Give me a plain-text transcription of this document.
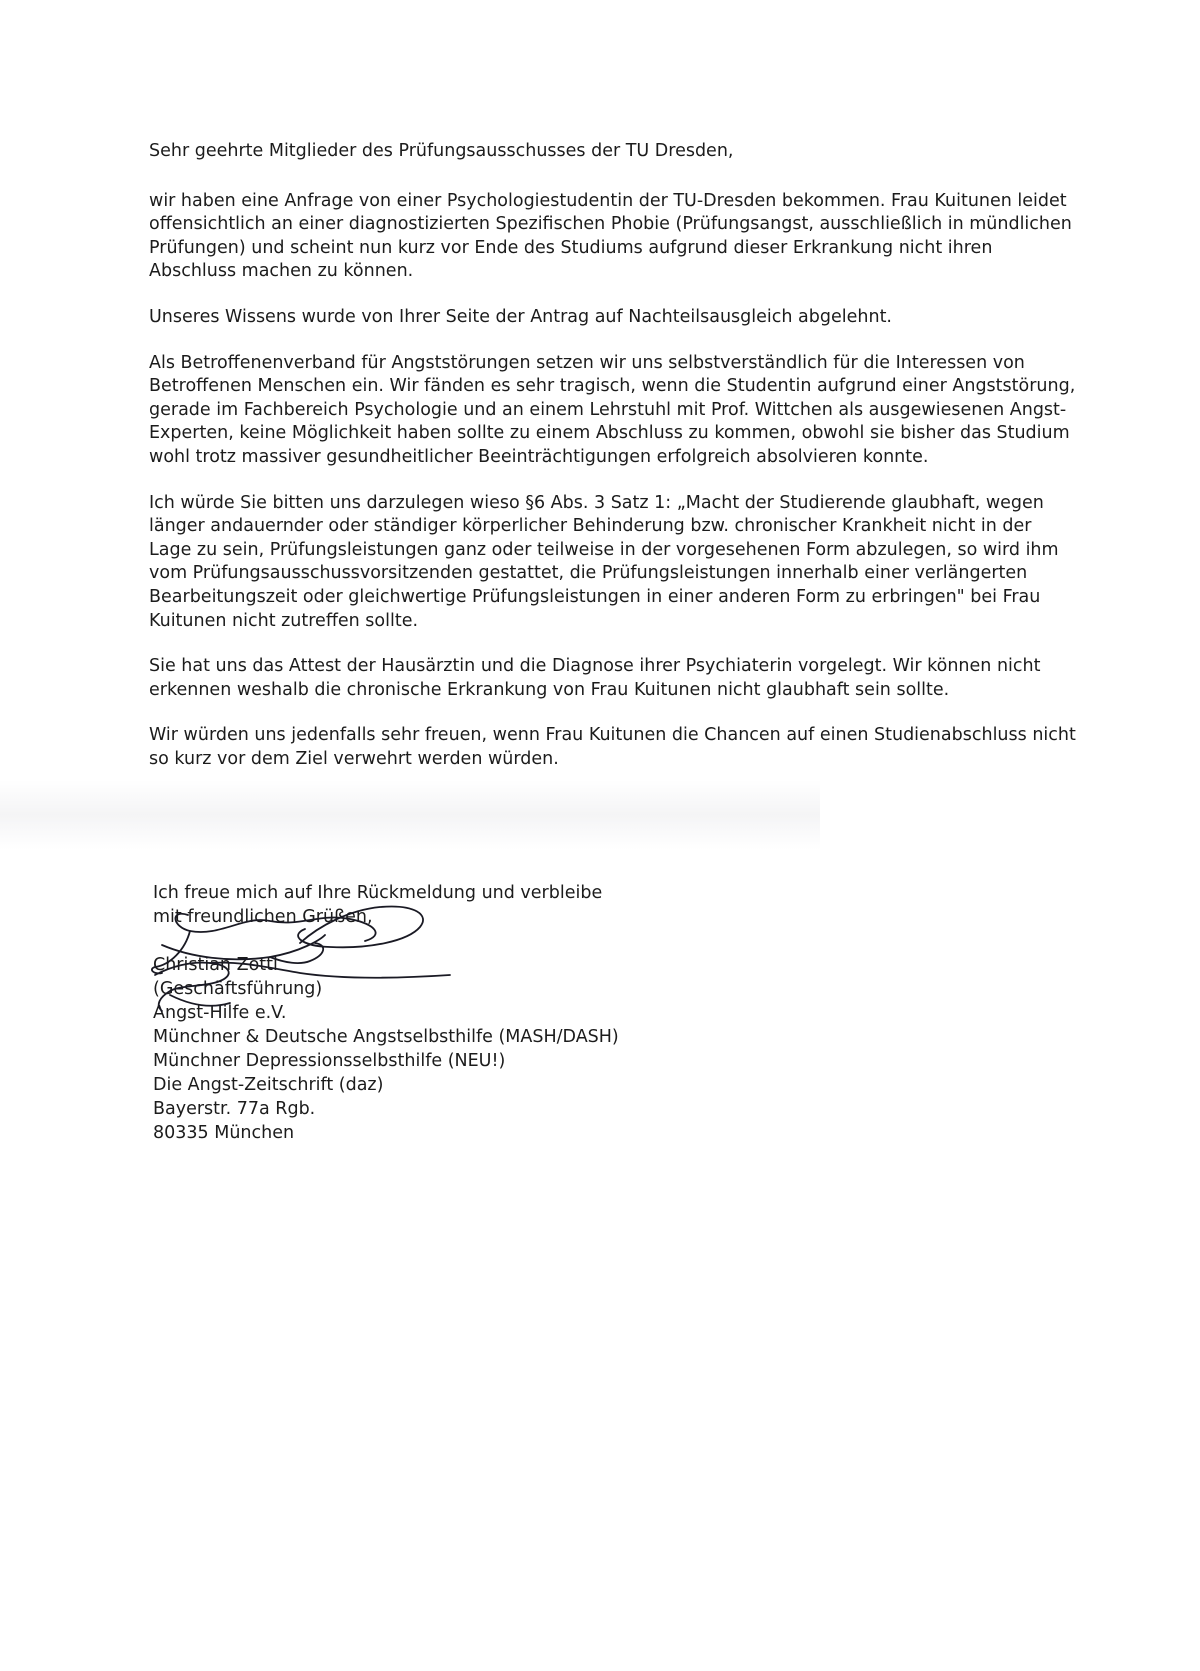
Sehr geehrte Mitglieder des Prüfungsausschusses der TU Dresden,

wir haben eine Anfrage von einer Psychologiestudentin der TU-Dresden bekommen. Frau Kuitunen leidet offensichtlich an einer diagnostizierten Spezifischen Phobie (Prüfungsangst, ausschließlich in mündlichen Prüfungen) und scheint nun kurz vor Ende des Studiums aufgrund dieser Erkrankung nicht ihren Abschluss machen zu können.

Unseres Wissens wurde von Ihrer Seite der Antrag auf Nachteilsausgleich abgelehnt.

Als Betroffenenverband für Angststörungen setzen wir uns selbstverständlich für die Interessen von Betroffenen Menschen ein. Wir fänden es sehr tragisch, wenn die Studentin aufgrund einer Angststörung, gerade im Fachbereich Psychologie und an einem Lehrstuhl mit Prof. Wittchen als ausgewiesenen Angst-Experten, keine Möglichkeit haben sollte zu einem Abschluss zu kommen, obwohl sie bisher das Studium wohl trotz massiver gesundheitlicher Beeinträchtigungen erfolgreich absolvieren konnte.

Ich würde Sie bitten uns darzulegen wieso §6 Abs. 3 Satz 1: „Macht der Studierende glaubhaft, wegen länger andauernder oder ständiger körperlicher Behinderung bzw. chronischer Krankheit nicht in der Lage zu sein, Prüfungsleistungen ganz oder teilweise in der vorgesehenen Form abzulegen, so wird ihm vom Prüfungsausschussvorsitzenden gestattet, die Prüfungsleistungen innerhalb einer verlängerten Bearbeitungszeit oder gleichwertige Prüfungsleistungen in einer anderen Form zu erbringen" bei Frau Kuitunen nicht zutreffen sollte.

Sie hat uns das Attest der Hausärztin und die Diagnose ihrer Psychiaterin vorgelegt. Wir können nicht erkennen weshalb die chronische Erkrankung von Frau Kuitunen nicht glaubhaft sein sollte.

Wir würden uns jedenfalls sehr freuen, wenn Frau Kuitunen die Chancen auf einen Studienabschluss nicht so kurz vor dem Ziel verwehrt werden würden.

Ich freue mich auf Ihre Rückmeldung und verbleibe
mit freundlichen Grüßen,
Christian Zottl
(Geschäftsführung)
Angst-Hilfe e.V.
Münchner & Deutsche Angstselbsthilfe (MASH/DASH)
Münchner Depressionsselbsthilfe (NEU!)
Die Angst-Zeitschrift (daz)
Bayerstr. 77a Rgb.
80335 München
